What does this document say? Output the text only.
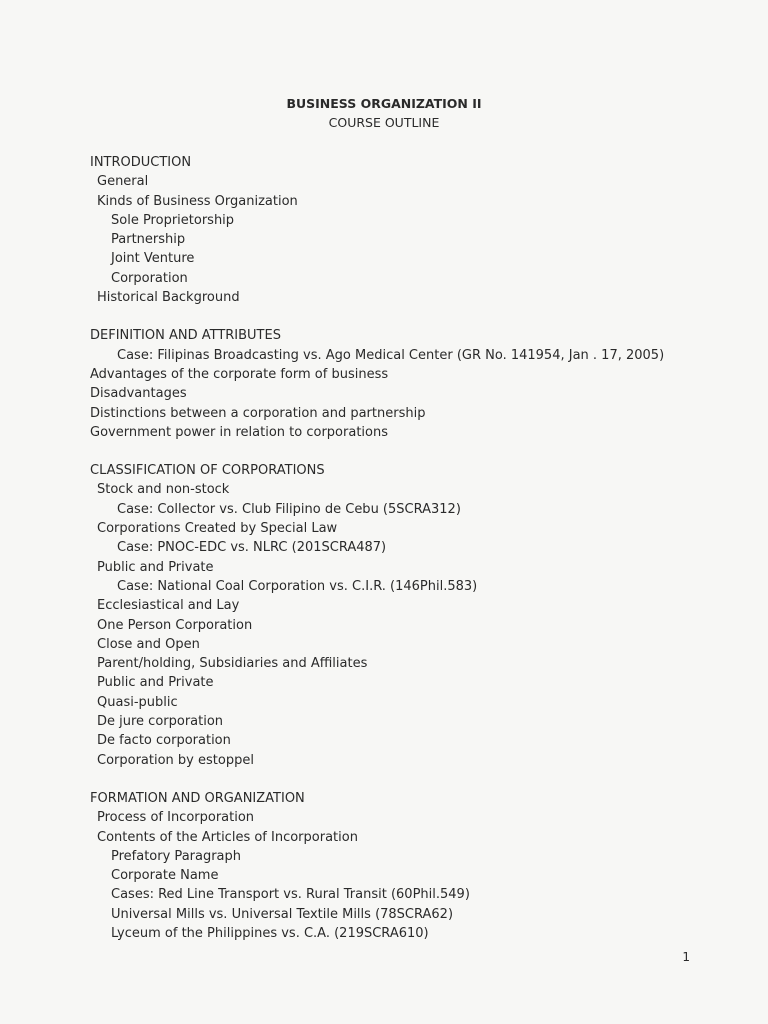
BUSINESS ORGANIZATION II
COURSE OUTLINE
INTRODUCTION
General
Kinds of Business Organization
Sole Proprietorship
Partnership
Joint Venture
Corporation
Historical Background
DEFINITION AND ATTRIBUTES
Case: Filipinas Broadcasting vs. Ago Medical Center (GR No. 141954, Jan . 17, 2005)
Advantages of the corporate form of business
Disadvantages
Distinctions between a corporation and partnership
Government power in relation to corporations
CLASSIFICATION OF CORPORATIONS
Stock and non-stock
Case: Collector vs. Club Filipino de Cebu (5SCRA312)
Corporations Created by Special Law
Case: PNOC-EDC vs. NLRC (201SCRA487)
Public and Private
Case: National Coal Corporation vs. C.I.R. (146Phil.583)
Ecclesiastical and Lay
One Person Corporation
Close and Open
Parent/holding, Subsidiaries and Affiliates
Public and Private
Quasi-public
De jure corporation
De facto corporation
Corporation by estoppel
FORMATION AND ORGANIZATION
Process of Incorporation
Contents of the Articles of Incorporation
Prefatory Paragraph
Corporate Name
Cases: Red Line Transport vs. Rural Transit (60Phil.549)
Universal Mills vs. Universal Textile Mills (78SCRA62)
Lyceum of the Philippines vs. C.A. (219SCRA610)
1
